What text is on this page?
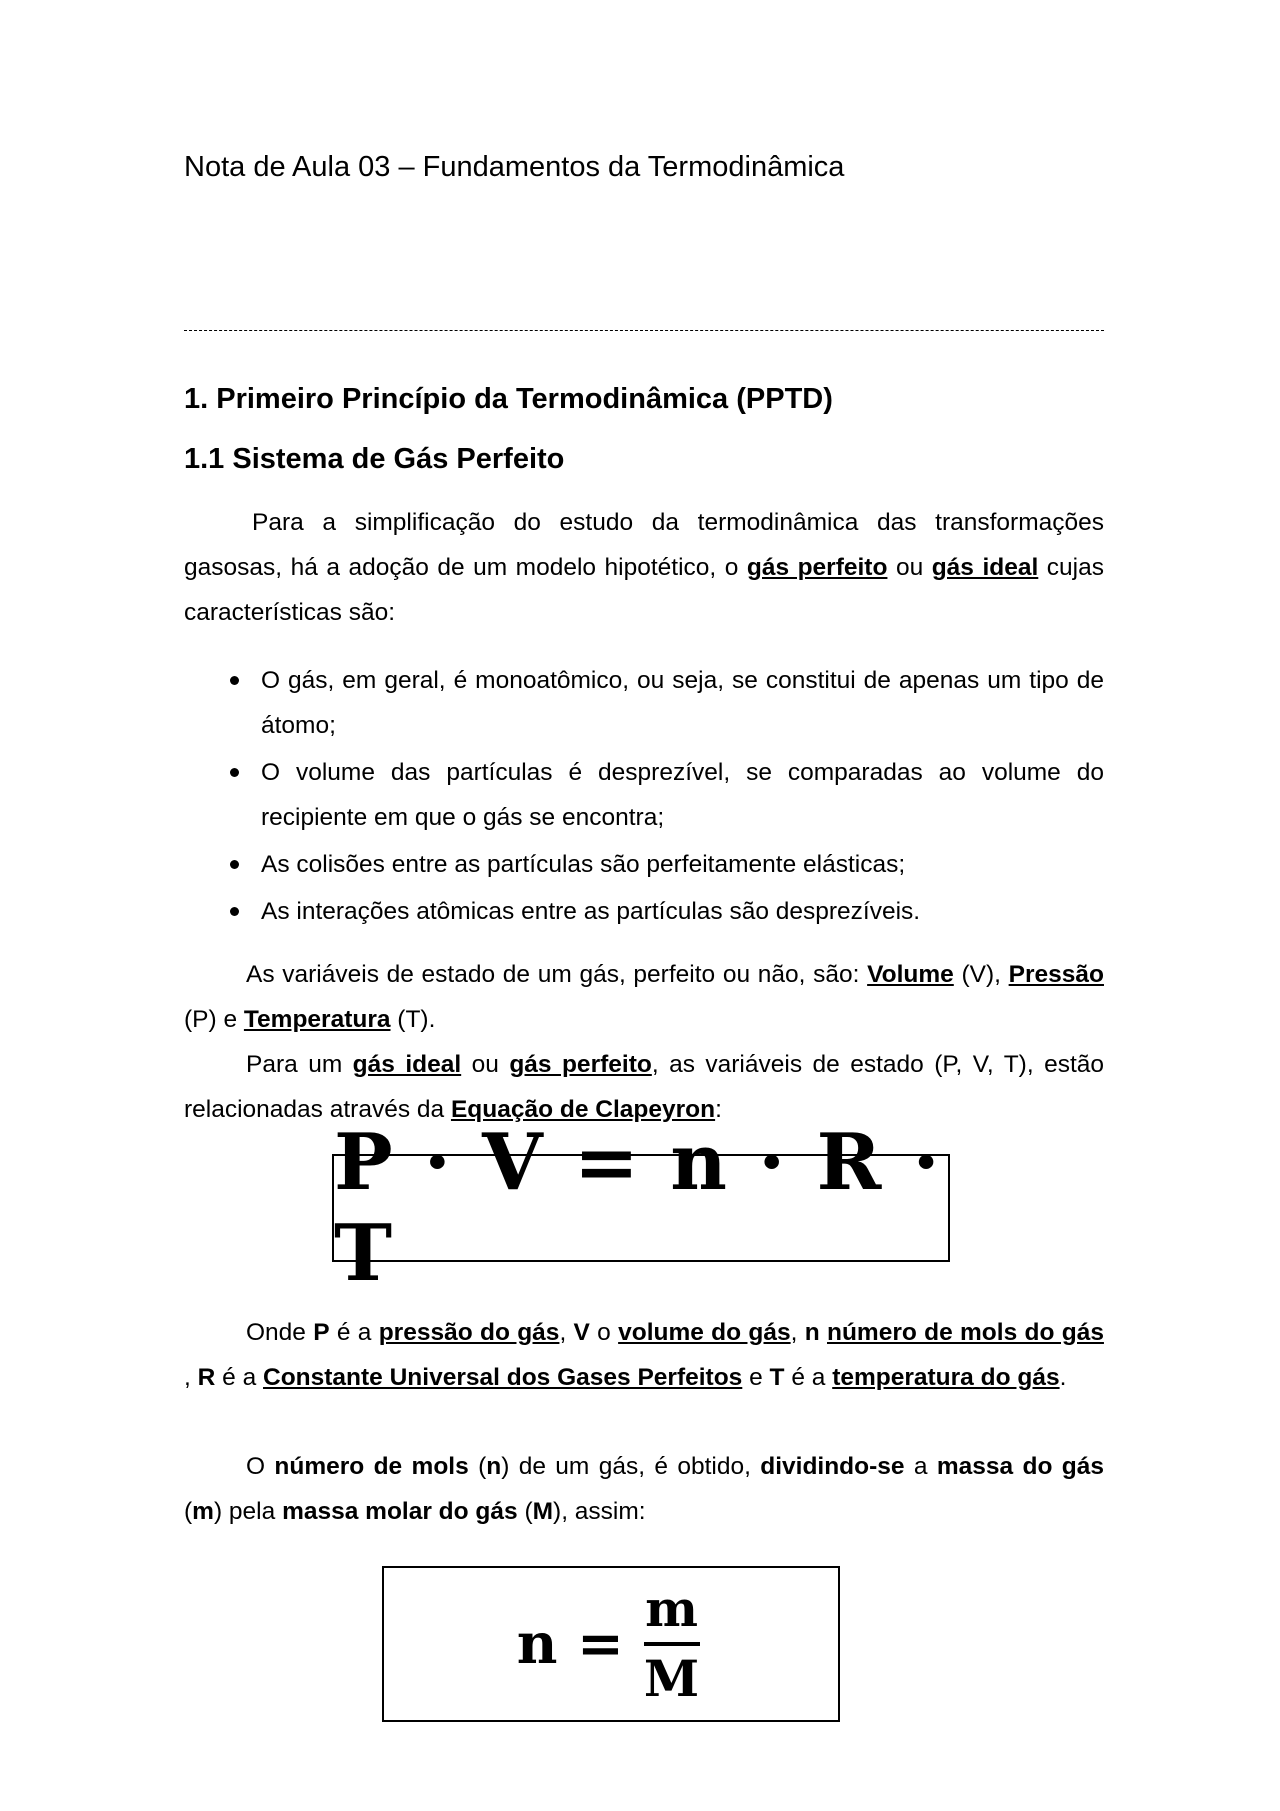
Nota de Aula 03 – Fundamentos da Termodinâmica
1. Primeiro Princípio da Termodinâmica (PPTD)
1.1 Sistema de Gás Perfeito

Para a simplificação do estudo da termodinâmica das transformações gasosas, há a adoção de um modelo hipotético, o gás perfeito ou gás ideal cujas características são:

O gás, em geral, é monoatômico, ou seja, se constitui de apenas um tipo de átomo;
O volume das partículas é desprezível, se comparadas ao volume do recipiente em que o gás se encontra;
As colisões entre as partículas são perfeitamente elásticas;
As interações atômicas entre as partículas são desprezíveis.

As variáveis de estado de um gás, perfeito ou não, são: Volume (V), Pressão (P) e Temperatura (T).

Para um gás ideal ou gás perfeito, as variáveis de estado (P, V, T), estão relacionadas através da Equação de Clapeyron:

P · V = n · R · T

Onde P é a pressão do gás, V o volume do gás, n número de mols do gás , R é a Constante Universal dos Gases Perfeitos e T é a temperatura do gás.

O número de mols (n) de um gás, é obtido, dividindo-se a massa do gás (m) pela massa molar do gás (M), assim:

$n = \frac{m}{M}$
